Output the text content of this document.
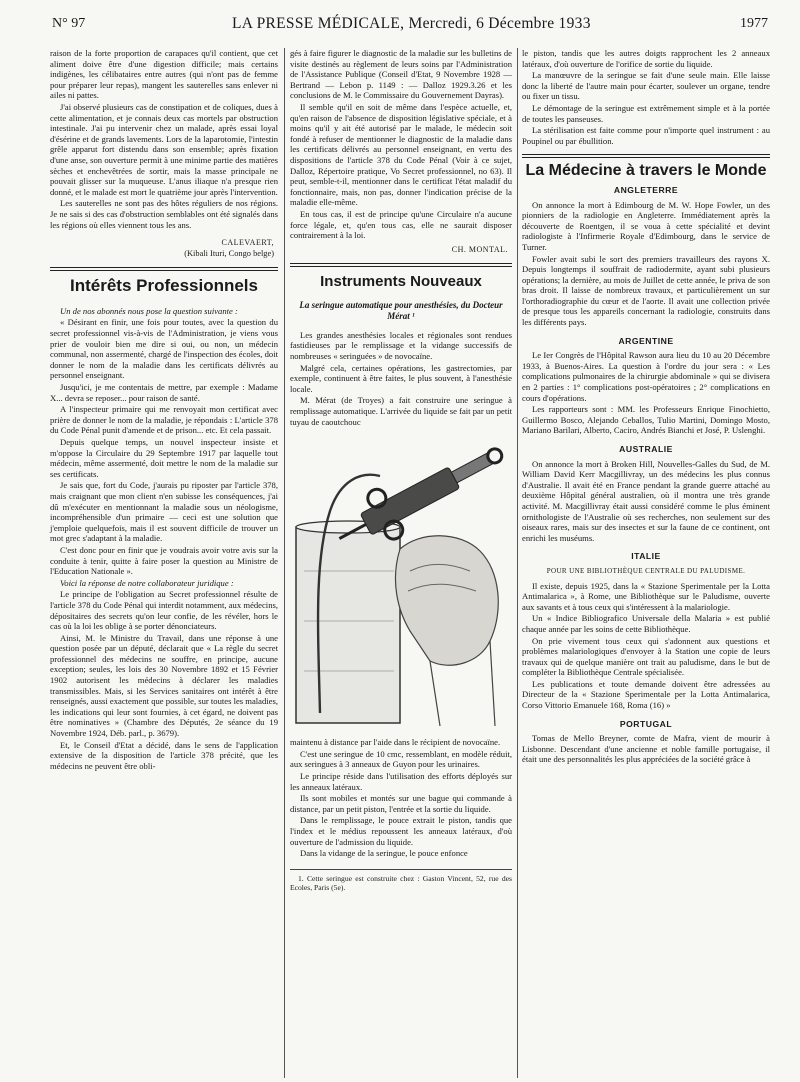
N° 97	LA PRESSE MÉDICALE, Mercredi, 6 Décembre 1933	1977

raison de la forte proportion de carapaces qu'il contient, que cet aliment doive être d'une digestion difficile; mais certains indigènes, les célibataires entre autres (qui n'ont pas de femme pour préparer leur repas), mangent les sauterelles sans enlever ni ailes ni pattes.

J'ai observé plusieurs cas de constipation et de coliques, dues à cette alimentation, et je connais deux cas mortels par obstruction intestinale. J'ai pu intervenir chez un malade, après essai loyal d'ésérine et de grands lavements. Lors de la laparotomie, l'intestin grêle apparut fort distendu dans son ensemble; après fixation d'une anse, son ouverture permit à une minime partie des matières sèches et enchevêtrées de sortir, mais la masse principale ne pouvait glisser sur la muqueuse. L'anus iliaque n'a presque rien donné, et le malade est mort le quatrième jour après l'intervention.

Les sauterelles ne sont pas des hôtes réguliers de nos régions. Je ne sais si des cas d'obstruction semblables ont été signalés dans les régions où elles viennent tous les ans.

CALEVAERT,
(Kibali Ituri, Congo belge)
Intérêts Professionnels

Un de nos abonnés nous pose la question suivante :

« Désirant en finir, une fois pour toutes, avec la question du secret professionnel vis-à-vis de l'Administration, je viens vous prier de vouloir bien me dire si oui, ou non, un médecin communal, non assermenté, chargé de l'inspection des écoles, doit donner le nom de la maladie dans les certificats délivrés au personnel enseignant.

Jusqu'ici, je me contentais de mettre, par exemple : Madame X... devra se reposer... pour raison de santé.

A l'inspecteur primaire qui me renvoyait mon certificat avec prière de donner le nom de la maladie, je répondais : L'article 378 du Code Pénal punit d'amende et de prison... etc. Et cela passait.

Depuis quelque temps, un nouvel inspecteur insiste et m'oppose la Circulaire du 29 Septembre 1917 par laquelle tout médecin, même assermenté, doit mettre le nom de la maladie sur ses certificats.

Je sais que, fort du Code, j'aurais pu riposter par l'article 378, mais craignant que mon client n'en subisse les conséquences, j'ai dû m'exécuter en mentionnant la maladie sous un néologisme, incompréhensible d'un primaire — ceci est une solution que j'emploie quelquefois, mais il est souvent difficile de trouver un mot grec s'adaptant à la maladie.

C'est donc pour en finir que je voudrais avoir votre avis sur la conduite à tenir, quitte à faire poser la question au Ministre de l'Education Nationale ».

Voici la réponse de notre collaborateur juridique :

Le principe de l'obligation au Secret professionnel résulte de l'article 378 du Code Pénal qui interdit notamment, aux médecins, dépositaires des secrets qu'on leur confie, de les révéler, hors le cas où la loi les oblige à se porter dénonciateurs.

Ainsi, M. le Ministre du Travail, dans une réponse à une question posée par un député, déclarait que « La règle du secret professionnel des médecins ne souffre, en principe, aucune exception; seules, les lois des 30 Novembre 1892 et 15 Février 1902 autorisent les médecins à déclarer les maladies transmissibles. Mais, si les Services sanitaires ont intérêt à être renseignés, aussi exactement que possible, sur toutes les maladies, les indications qui leur sont fournies, à cet égard, ne doivent pas être nominatives » (Chambre des Députés, 2e séance du 19 Novembre 1924, Déb. parl., p. 3679).

Et, le Conseil d'Etat a décidé, dans le sens de l'application extensive de la disposition de l'article 378 précité, que les médecins ne peuvent être obli-

gés à faire figurer le diagnostic de la maladie sur les bulletins de visite destinés au règlement de leurs soins par l'Administration de l'Assistance Publique (Conseil d'Etat, 9 Novembre 1928 — Bertrand — Lebon p. 1149 : — Dalloz 1929.3.26 et les conclusions de M. le Commissaire du Gouvernement Dayras).

Il semble qu'il en soit de même dans l'espèce actuelle, et, qu'en raison de l'absence de disposition législative spéciale, et à moins qu'il y ait été autorisé par le malade, le médecin soit fondé à refuser de mentionner le diagnostic de la maladie dans les certificats délivrés au personnel enseignant, en vertu des dispositions de l'article 378 du Code Pénal (Voir à ce sujet, Dalloz, Répertoire pratique, Vo Secret professionnel, no 63). Il peut, semble-t-il, mentionner dans le certificat l'état maladif du fonctionnaire, mais, non pas, donner l'indication précise de la maladie elle-même.

En tous cas, il est de principe qu'une Circulaire n'a aucune force légale, et, qu'en tous cas, elle ne saurait disposer contrairement à la loi.

CH. MONTAL.
Instruments Nouveaux
La seringue automatique pour anesthésies, du Docteur Mérat ¹

Les grandes anesthésies locales et régionales sont rendues fastidieuses par le remplissage et la vidange successifs de nombreuses « seringuées » de novocaïne.

Malgré cela, certaines opérations, les gastrectomies, par exemple, continuent à être faites, le plus souvent, à l'anesthésie locale.

M. Mérat (de Troyes) a fait construire une seringue à remplissage automatique. L'arrivée du liquide se fait par un petit tuyau de caoutchouc

maintenu à distance par l'aide dans le récipient de novocaïne.

C'est une seringue de 10 cmc, ressemblant, en modèle réduit, aux seringues à 3 anneaux de Guyon pour les urinaires.

Le principe réside dans l'utilisation des efforts déployés sur les anneaux latéraux.

Ils sont mobiles et montés sur une bague qui commande à distance, par un petit piston, l'entrée et la sortie du liquide.

Dans le remplissage, le pouce extrait le piston, tandis que l'index et le médius repoussent les anneaux latéraux, d'où ouverture de l'admission du liquide.

Dans la vidange de la seringue, le pouce enfonce

1. Cette seringue est construite chez : Gaston Vincent, 52, rue des Ecoles, Paris (5e).

le piston, tandis que les autres doigts rapprochent les 2 anneaux latéraux, d'où ouverture de l'orifice de sortie du liquide.

La manœuvre de la seringue se fait d'une seule main. Elle laisse donc la liberté de l'autre main pour écarter, soulever un organe, tendre ou fixer un tissu.

Le démontage de la seringue est extrêmement simple et à la portée de toutes les panseuses.

La stérilisation est faite comme pour n'importe quel instrument : au Poupinel ou par ébullition.

La Médecine à travers le Monde
ANGLETERRE

On annonce la mort à Edimbourg de M. W. Hope Fowler, un des pionniers de la radiologie en Angleterre. Immédiatement après la découverte de Roentgen, il se voua à cette spécialité et devint radiologiste à l'Infirmerie Royale d'Edimbourg, dans le service de Turner.

Fowler avait subi le sort des premiers travailleurs des rayons X. Depuis longtemps il souffrait de radiodermite, ayant subi plusieurs opérations; la dernière, au mois de Juillet de cette année, le priva de son bras droit. Il laisse de nombreux travaux, et particulièrement un sur l'orthoradiographie du cœur et de l'aorte. Il avait une collection privée de presque tous les appareils concernant la radiologie, construits dans les différents pays.

ARGENTINE

Le Ier Congrès de l'Hôpital Rawson aura lieu du 10 au 20 Décembre 1933, à Buenos-Aires. La question à l'ordre du jour sera : « Les complications pulmonaires de la chirurgie abdominale » qui se divisera en 2 parties : 1° complications post-opératoires ; 2° complications en cours d'opérations.

Les rapporteurs sont : MM. les Professeurs Enrique Finochietto, Guillermo Bosco, Alejando Ceballos, Tulio Martini, Domingo Mosto, Mariano Barilari, Alberto, Caciro, Andrés Bianchi et José, P. Uslenghi.

AUSTRALIE

On annonce la mort à Broken Hill, Nouvelles-Galles du Sud, de M. William David Kerr Macgillivray, un des médecins les plus connus d'Australie. Il avait été en France pendant la grande guerre attaché au deuxième Hôpital général australien, où il montra une très grande activité. M. Macgillivray était aussi considéré comme le plus éminent ornithologiste de l'Australie où ses recherches, non seulement sur des oiseaux rares, mais sur des insectes et sur la faune de ce continent, ont enrichi les muséums.

ITALIE
POUR UNE BIBLIOTHÈQUE CENTRALE DU PALUDISME.

Il existe, depuis 1925, dans la « Stazione Sperimentale per la Lotta Antimalarica », à Rome, une Bibliothèque sur le Paludisme, ouverte aux savants et à tous ceux qui s'intéressent à la malariologie.

Un « Indice Bibliografico Universale della Malaria » est publié chaque année par les soins de cette Bibliothèque.

On prie vivement tous ceux qui s'adonnent aux questions et problèmes malariologiques d'envoyer à la Station une copie de leurs travaux qui de quelque manière ont trait au paludisme, dans le but de compléter la Bibliothèque Centrale spécialisée.

Les publications et toute demande doivent être adressées au Directeur de la « Stazione Sperimentale per la Lotta Antimalarica, Corso Vittorio Emanuele 168, Roma (16) »

PORTUGAL

Tomas de Mello Breyner, comte de Mafra, vient de mourir à Lisbonne. Descendant d'une ancienne et noble famille portugaise, il était une des personnalités les plus appréciées de la société grâce à
